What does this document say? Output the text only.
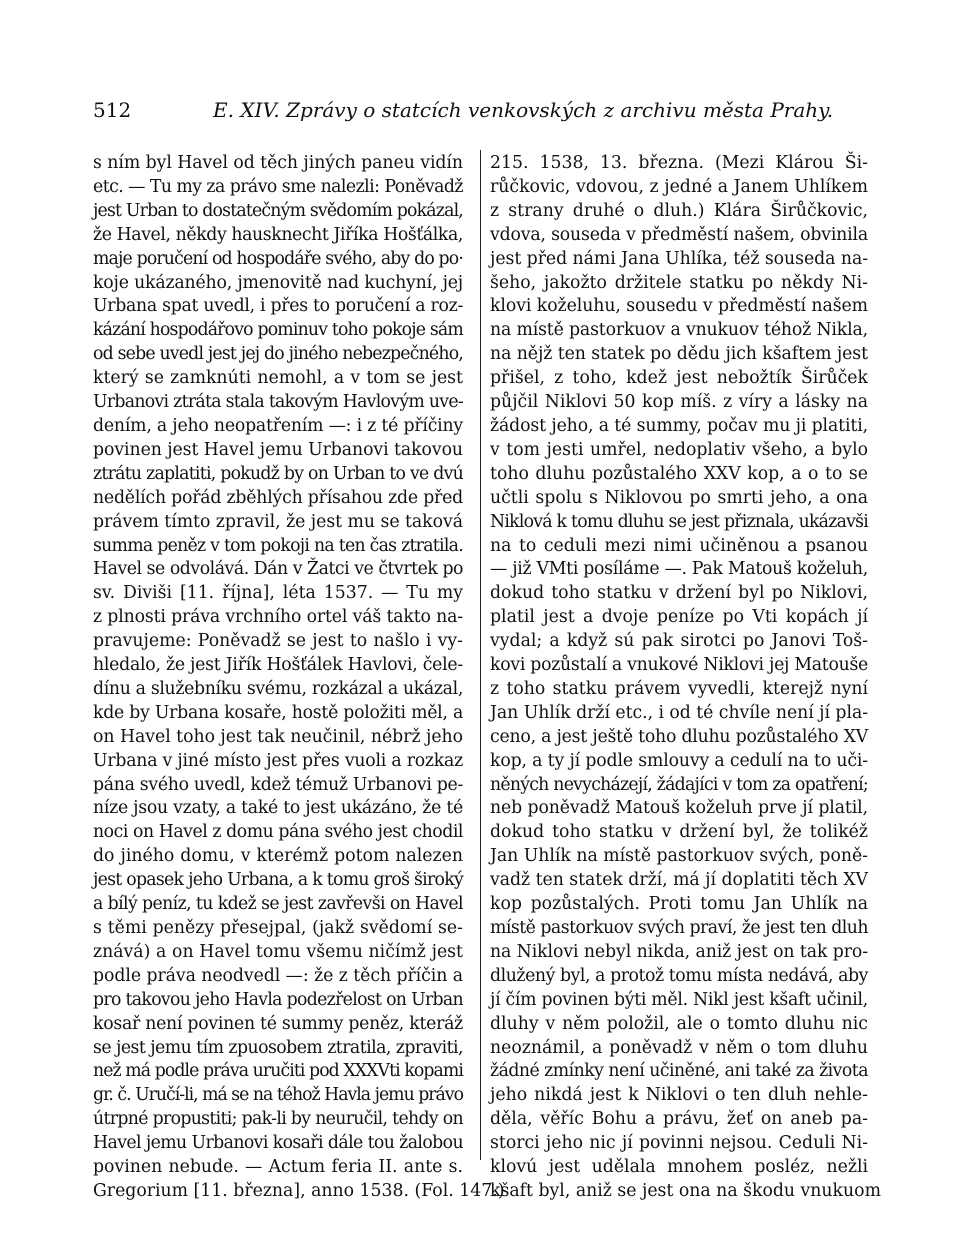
512	E. XIV. Zprávy o statcích venkovských z archivu města Prahy.
s ním byl Havel od těch jiných paneu vidín
etc. — Tu my za právo sme nalezli: Poněvadž
jest Urban to dostatečným svědomím pokázal,
že Havel, někdy hausknecht Jiříka Hošťálka,
maje poručení od hospodáře svého, aby do po·
koje ukázaného, jmenovitě nad kuchyní, jej
Urbana spat uvedl, i přes to poručení a roz-
kázání hospodářovo pominuv toho pokoje sám
od sebe uvedl jest jej do jiného nebezpečného,
který se zamknúti nemohl, a v tom se jest
Urbanovi ztráta stala takovým Havlovým uve-
dením, a jeho neopatřením —: i z té příčiny
povinen jest Havel jemu Urbanovi takovou
ztrátu zaplatiti, pokudž by on Urban to ve dvú
nedělích pořád zběhlých přísahou zde před
právem tímto zpravil, že jest mu se taková
summa peněz v tom pokoji na ten čas ztratila.
Havel se odvolává. Dán v Žatci ve čtvrtek po
sv. Diviši [11. října], léta 1537. — Tu my
z plnosti práva vrchního ortel váš takto na-
pravujeme: Poněvadž se jest to našlo i vy-
hledalo, že jest Jiřík Hošťálek Havlovi, čele-
dínu a služebníku svému, rozkázal a ukázal,
kde by Urbana kosaře, hostě položiti měl, a
on Havel toho jest tak neučinil, nébrž jeho
Urbana v jiné místo jest přes vuoli a rozkaz
pána svého uvedl, kdež témuž Urbanovi pe-
níze jsou vzaty, a také to jest ukázáno, že té
noci on Havel z domu pána svého jest chodil
do jiného domu, v kterémž potom nalezen
jest opasek jeho Urbana, a k tomu groš široký
a bílý peníz, tu kdež se jest zavřevši on Havel
s těmi penězy přesejpal, (jakž svědomí se-
znává) a on Havel tomu všemu ničímž jest
podle práva neodvedl —: že z těch příčin a
pro takovou jeho Havla podezřelost on Urban
kosař není povinen té summy peněz, kteráž
se jest jemu tím zpuosobem ztratila, zpraviti,
než má podle práva uručiti pod XXXVti kopami
gr. č. Uručí-li, má se na téhož Havla jemu právo
útrpné propustiti; pak-li by neuručil, tehdy on
Havel jemu Urbanovi kosaři dále tou žalobou
povinen nebude. — Actum feria II. ante s.
Gregorium [11. března], anno 1538. (Fol. 147.)
215. 1538, 13. března. (Mezi Klárou Ši-
růčkovic, vdovou, z jedné a Janem Uhlíkem
z strany druhé o dluh.) Klára Širůčkovic,
vdova, souseda v předměstí našem, obvinila
jest před námi Jana Uhlíka, též souseda na-
šeho, jakožto držitele statku po někdy Ni-
klovi koželuhu, sousedu v předměstí našem
na místě pastorkuov a vnukuov téhož Nikla,
na nějž ten statek po dědu jich kšaftem jest
přišel, z toho, kdež jest nebožtík Širůček
půjčil Niklovi 50 kop míš. z víry a lásky na
žádost jeho, a té summy, počav mu ji platiti,
v tom jesti umřel, nedoplativ všeho, a bylo
toho dluhu pozůstalého XXV kop, a o to se
učtli spolu s Niklovou po smrti jeho, a ona
Niklová k tomu dluhu se jest přiznala, ukázavši
na to ceduli mezi nimi učiněnou a psanou
— již VMti posíláme —. Pak Matouš koželuh,
dokud toho statku v držení byl po Niklovi,
platil jest a dvoje peníze po Vti kopách jí
vydal; a když sú pak sirotci po Janovi Toš-
kovi pozůstalí a vnukové Niklovi jej Matouše
z toho statku právem vyvedli, kterejž nyní
Jan Uhlík drží etc., i od té chvíle není jí pla-
ceno, a jest ještě toho dluhu pozůstalého XV
kop, a ty jí podle smlouvy a cedulí na to uči-
něných nevycházejí, žádajíci v tom za opatření;
neb poněvadž Matouš koželuh prve jí platil,
dokud toho statku v držení byl, že tolikéž
Jan Uhlík na místě pastorkuov svých, poně-
vadž ten statek drží, má jí doplatiti těch XV
kop pozůstalých. Proti tomu Jan Uhlík na
místě pastorkuov svých praví, že jest ten dluh
na Niklovi nebyl nikda, aniž jest on tak pro-
dlužený byl, a protož tomu místa nedává, aby
jí čím povinen býti měl. Nikl jest kšaft učinil,
dluhy v něm položil, ale o tomto dluhu nic
neoznámil, a poněvadž v něm o tom dluhu
žádné zmínky není učiněné, ani také za života
jeho nikdá jest k Niklovi o ten dluh nehle-
děla, věříc Bohu a právu, žeť on aneb pa-
storci jeho nic jí povinni nejsou. Ceduli Ni-
klovú jest udělala mnohem posléz, nežli
kšaft byl, aniž se jest ona na škodu vnukuom
